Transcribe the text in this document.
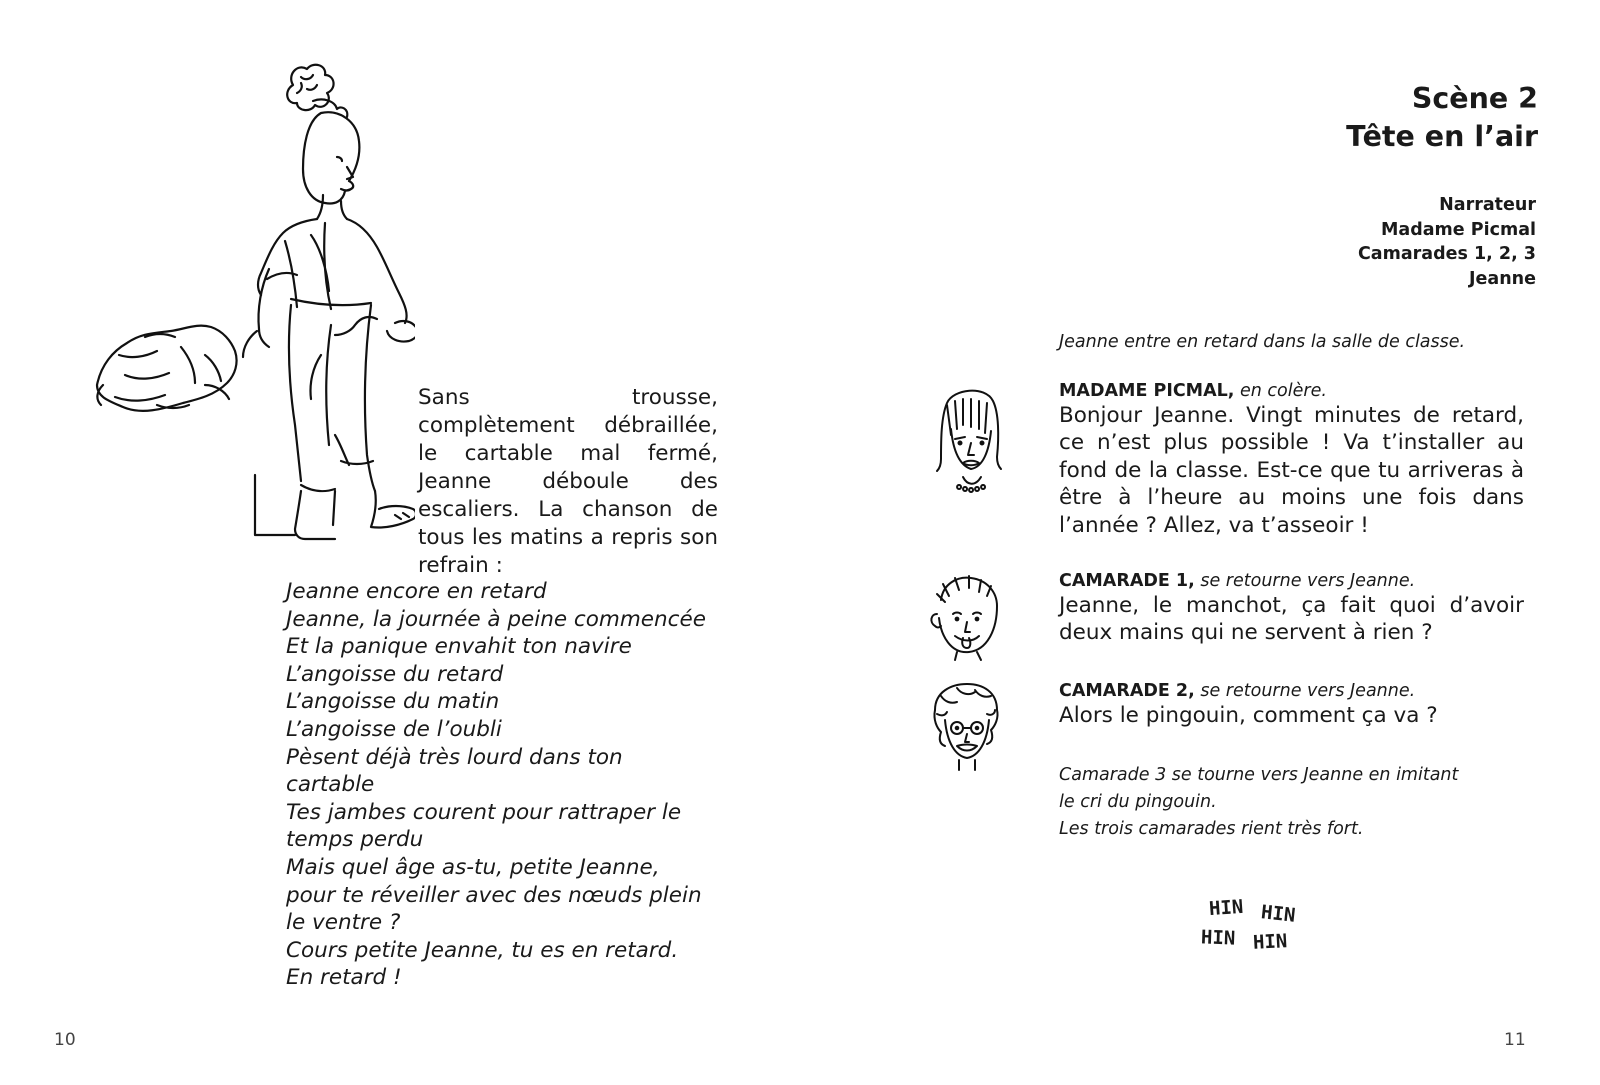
Sans trousse, complètement débraillée, le cartable mal fermé, Jeanne déboule des escaliers. La chanson de tous les matins a repris son refrain :
Jeanne encore en retard
Jeanne, la journée à peine commencée
Et la panique envahit ton navire
L’angoisse du retard
L’angoisse du matin
L’angoisse de l’oubli
Pèsent déjà très lourd dans ton
cartable
Tes jambes courent pour rattraper le
temps perdu
Mais quel âge as-tu, petite Jeanne,
pour te réveiller avec des nœuds plein
le ventre ?
Cours petite Jeanne, tu es en retard.
En retard !
10
Scène 2
Tête en l’air
Narrateur
Madame Picmal
Camarades 1, 2, 3
Jeanne
Jeanne entre en retard dans la salle de classe.
MADAME PICMAL, en colère.
Bonjour Jeanne. Vingt minutes de retard, ce n’est plus possible ! Va t’installer au fond de la classe. Est-ce que tu arriveras à être à l’heure au moins une fois dans l’année ? Allez, va t’asseoir !
CAMARADE 1, se retourne vers Jeanne.
Jeanne, le manchot, ça fait quoi d’avoir deux mains qui ne servent à rien ?
CAMARADE 2, se retourne vers Jeanne.
Alors le pingouin, comment ça va ?
Camarade 3 se tourne vers Jeanne en imitant
le cri du pingouin.
Les trois camarades rient très fort.
HIN HIN
HIN HIN
11
